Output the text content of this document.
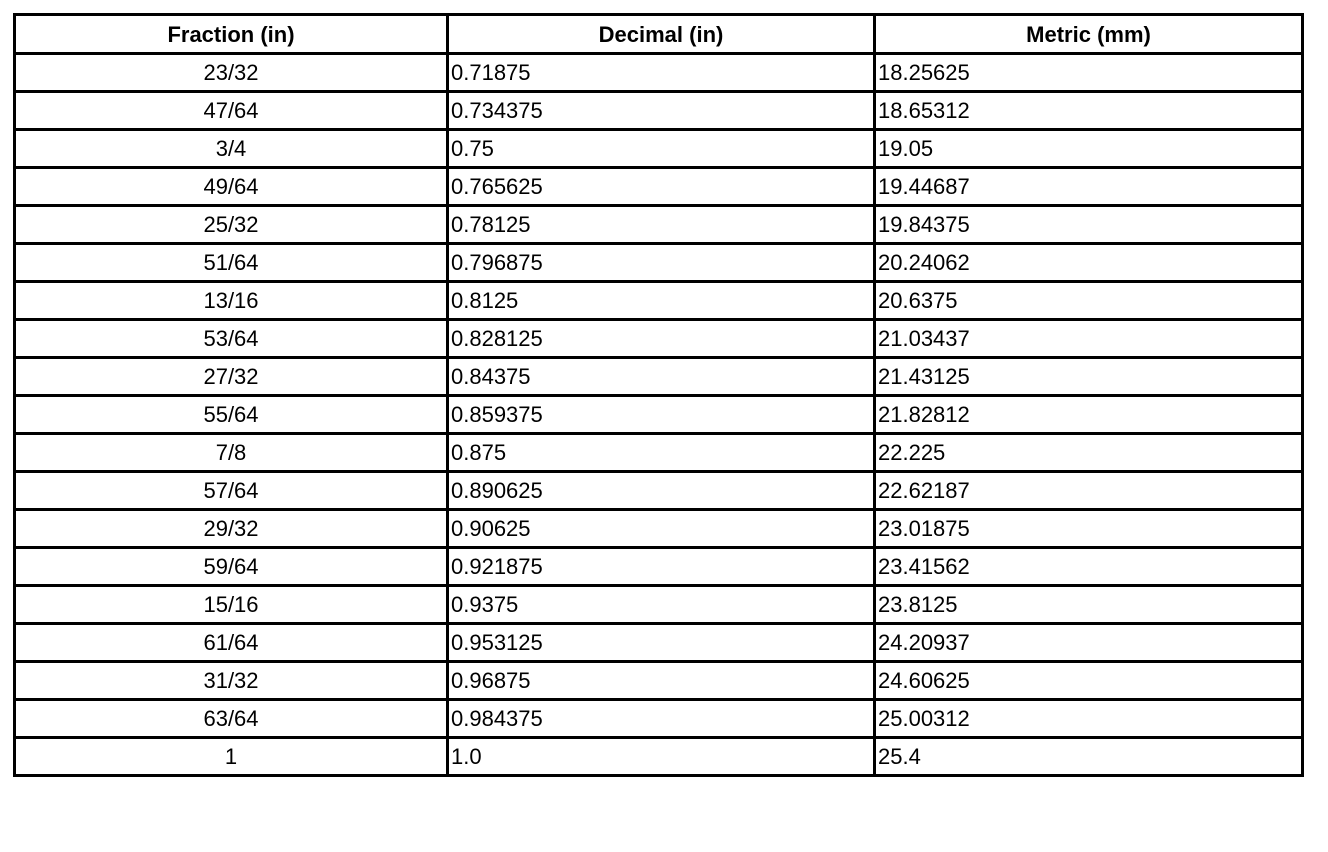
Fraction (in)	Decimal (in)	Metric (mm)
23/32	0.71875	18.25625
47/64	0.734375	18.65312
3/4	0.75	19.05
49/64	0.765625	19.44687
25/32	0.78125	19.84375
51/64	0.796875	20.24062
13/16	0.8125	20.6375
53/64	0.828125	21.03437
27/32	0.84375	21.43125
55/64	0.859375	21.82812
7/8	0.875	22.225
57/64	0.890625	22.62187
29/32	0.90625	23.01875
59/64	0.921875	23.41562
15/16	0.9375	23.8125
61/64	0.953125	24.20937
31/32	0.96875	24.60625
63/64	0.984375	25.00312
1	1.0	25.4
